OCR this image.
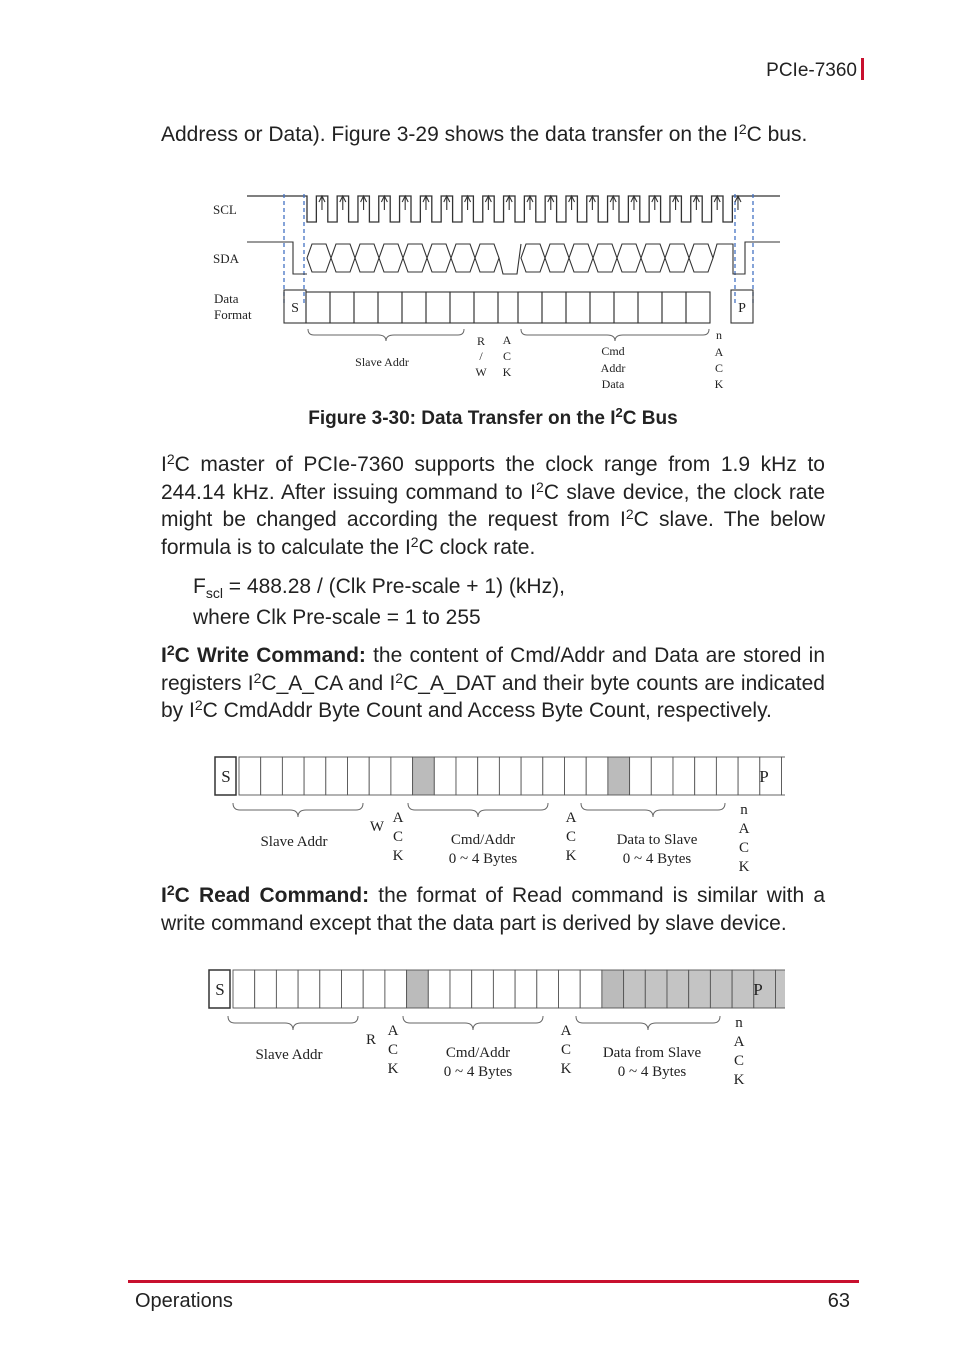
PCIe-7360
Address or Data). Figure 3-29 shows the data transfer on the $I^2C$ bus.
SCL
SDA
Data
Format	S	P
Slave Addr
R
/
W
A
C
K
Cmd
Addr
Data
n
A
C
K
Figure 3-30: Data Transfer on the $I^2C$ Bus
$I^2C$ master of PCIe-7360 supports the clock range from 1.9 kHz to 244.14 kHz. After issuing command to $I^2C$ slave device, the clock rate might be changed according the request from $I^2C$ slave. The below formula is to calculate the $I^2C$ clock rate.
$F_{scl} = 488.28 / (Clk$ Pre-scale + 1) (kHz),
where Clk Pre-scale = 1 to 255
$I^2C$ Write Command: the content of Cmd/Addr and Data are stored in registers $I^2C\_A\_CA$ and $I^2C\_A\_DAT$ and their byte counts are indicated by $I^2C$ CmdAddr Byte Count and Access Byte Count, respectively.
S	P
Slave Addr
W
A
C
K
Cmd/Addr
0 ~ 4 Bytes
A
C
K
Data to Slave
0 ~ 4 Bytes
n
A
C
K
$I^2C$ Read Command: the format of Read command is similar with a write command except that the data part is derived by slave device.
S	P
Slave Addr
R
A
C
K
Cmd/Addr
0 ~ 4 Bytes
A
C
K
Data from Slave
0 ~ 4 Bytes
n
A
C
K
Operations	63
